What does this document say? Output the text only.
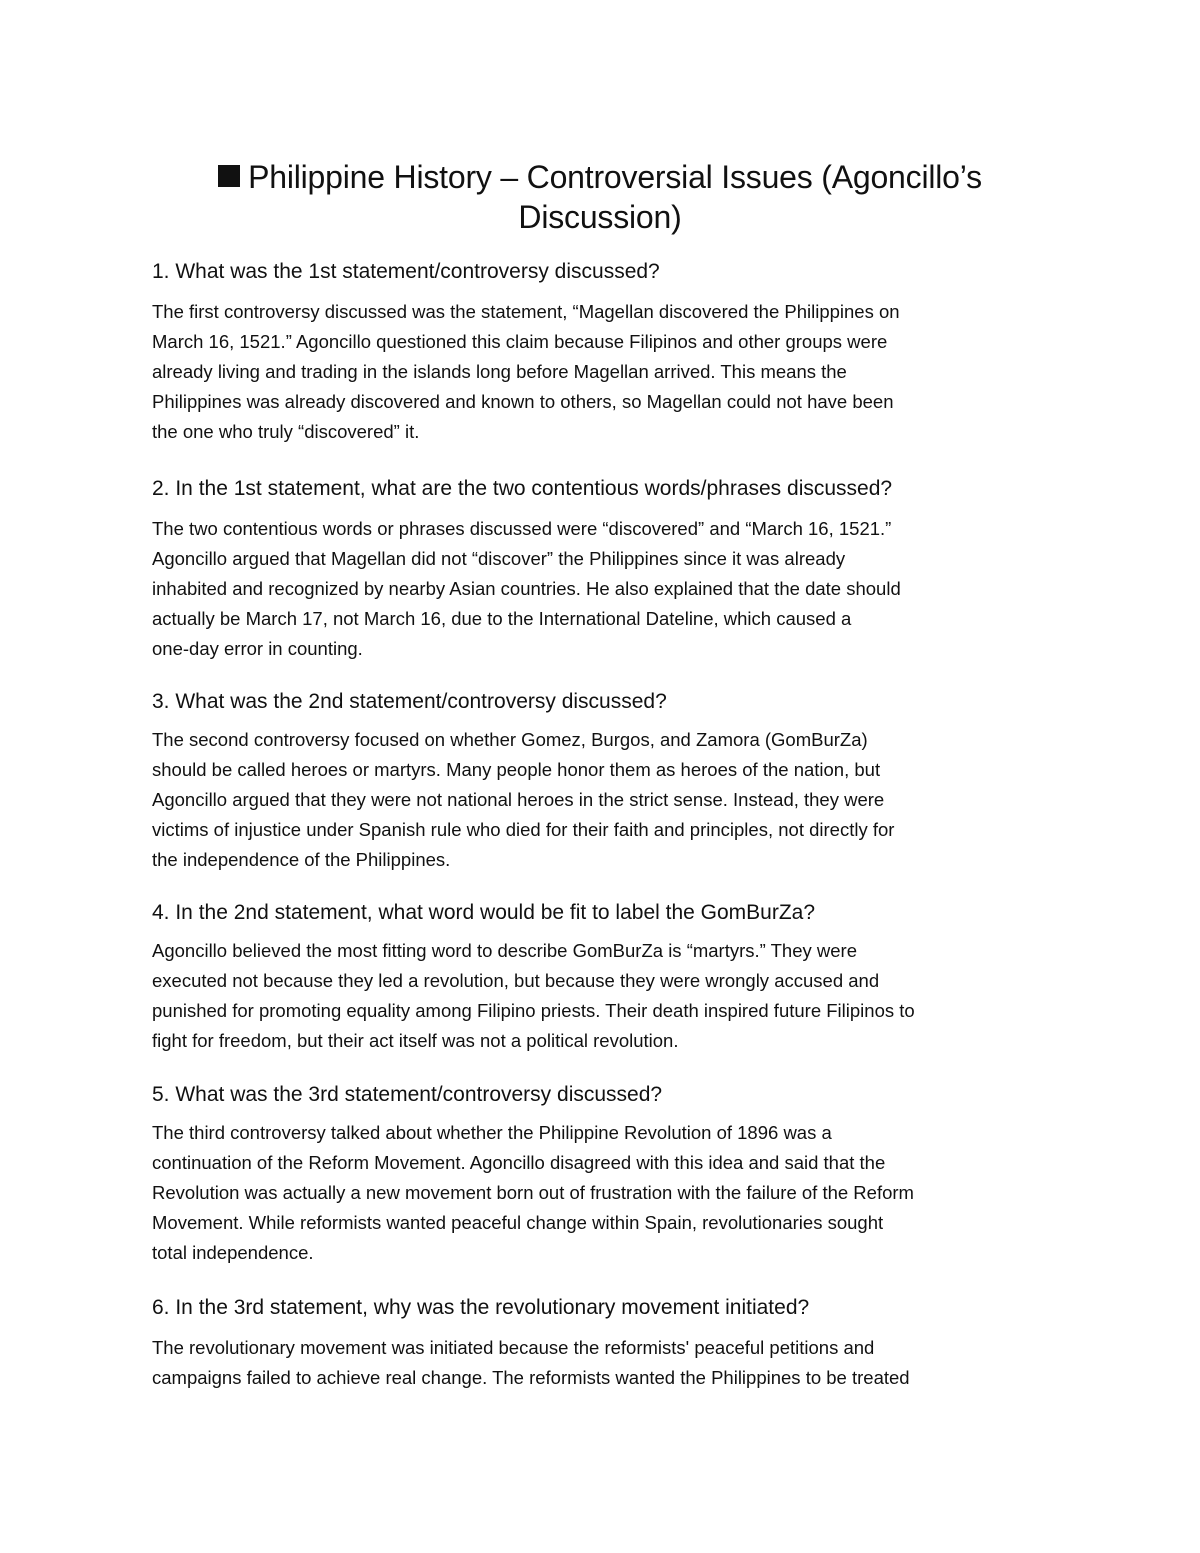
Philippine History – Controversial Issues (Agoncillo’s
Discussion)
1. What was the 1st statement/controversy discussed?

The first controversy discussed was the statement, “Magellan discovered the Philippines on
March 16, 1521.” Agoncillo questioned this claim because Filipinos and other groups were
already living and trading in the islands long before Magellan arrived. This means the
Philippines was already discovered and known to others, so Magellan could not have been
the one who truly “discovered” it.

2. In the 1st statement, what are the two contentious words/phrases discussed?

The two contentious words or phrases discussed were “discovered” and “March 16, 1521.”
Agoncillo argued that Magellan did not “discover” the Philippines since it was already
inhabited and recognized by nearby Asian countries. He also explained that the date should
actually be March 17, not March 16, due to the International Dateline, which caused a
one-day error in counting.

3. What was the 2nd statement/controversy discussed?

The second controversy focused on whether Gomez, Burgos, and Zamora (GomBurZa)
should be called heroes or martyrs. Many people honor them as heroes of the nation, but
Agoncillo argued that they were not national heroes in the strict sense. Instead, they were
victims of injustice under Spanish rule who died for their faith and principles, not directly for
the independence of the Philippines.

4. In the 2nd statement, what word would be fit to label the GomBurZa?

Agoncillo believed the most fitting word to describe GomBurZa is “martyrs.” They were
executed not because they led a revolution, but because they were wrongly accused and
punished for promoting equality among Filipino priests. Their death inspired future Filipinos to
fight for freedom, but their act itself was not a political revolution.

5. What was the 3rd statement/controversy discussed?

The third controversy talked about whether the Philippine Revolution of 1896 was a
continuation of the Reform Movement. Agoncillo disagreed with this idea and said that the
Revolution was actually a new movement born out of frustration with the failure of the Reform
Movement. While reformists wanted peaceful change within Spain, revolutionaries sought
total independence.

6. In the 3rd statement, why was the revolutionary movement initiated?

The revolutionary movement was initiated because the reformists' peaceful petitions and
campaigns failed to achieve real change. The reformists wanted the Philippines to be treated
